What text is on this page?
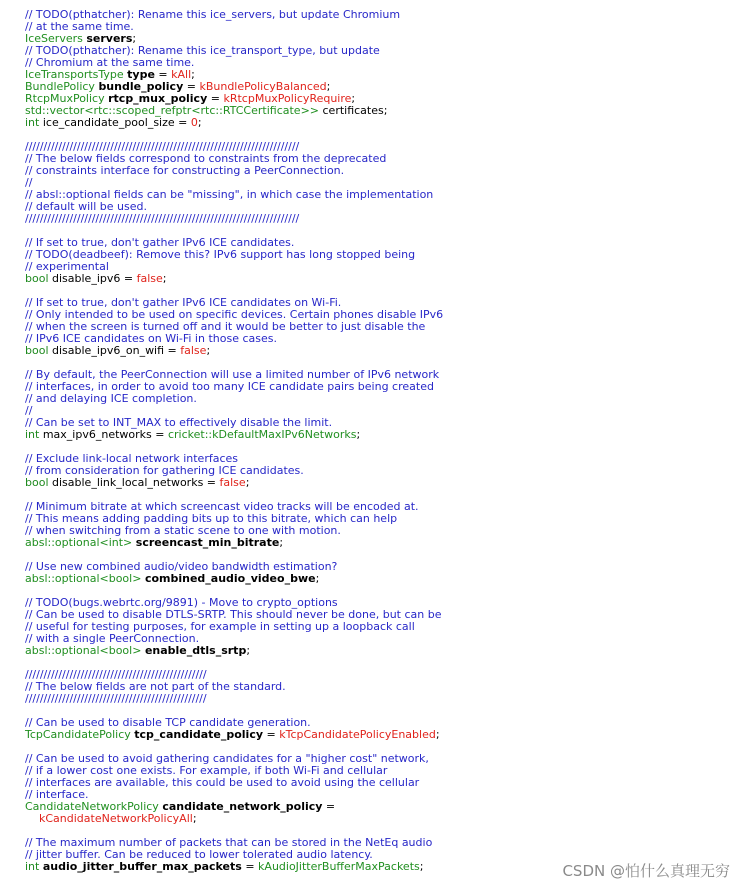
// TODO(pthatcher): Rename this ice_servers, but update Chromium
// at the same time.
IceServers servers;
// TODO(pthatcher): Rename this ice_transport_type, but update
// Chromium at the same time.
IceTransportsType type = kAll;
BundlePolicy bundle_policy = kBundlePolicyBalanced;
RtcpMuxPolicy rtcp_mux_policy = kRtcpMuxPolicyRequire;
std::vector<rtc::scoped_refptr<rtc::RTCCertificate>> certificates;
int ice_candidate_pool_size = 0;

//////////////////////////////////////////////////////////////////////////
// The below fields correspond to constraints from the deprecated
// constraints interface for constructing a PeerConnection.
//
// absl::optional fields can be "missing", in which case the implementation
// default will be used.
//////////////////////////////////////////////////////////////////////////

// If set to true, don't gather IPv6 ICE candidates.
// TODO(deadbeef): Remove this? IPv6 support has long stopped being
// experimental
bool disable_ipv6 = false;

// If set to true, don't gather IPv6 ICE candidates on Wi-Fi.
// Only intended to be used on specific devices. Certain phones disable IPv6
// when the screen is turned off and it would be better to just disable the
// IPv6 ICE candidates on Wi-Fi in those cases.
bool disable_ipv6_on_wifi = false;

// By default, the PeerConnection will use a limited number of IPv6 network
// interfaces, in order to avoid too many ICE candidate pairs being created
// and delaying ICE completion.
//
// Can be set to INT_MAX to effectively disable the limit.
int max_ipv6_networks = cricket::kDefaultMaxIPv6Networks;

// Exclude link-local network interfaces
// from consideration for gathering ICE candidates.
bool disable_link_local_networks = false;

// Minimum bitrate at which screencast video tracks will be encoded at.
// This means adding padding bits up to this bitrate, which can help
// when switching from a static scene to one with motion.
absl::optional<int> screencast_min_bitrate;

// Use new combined audio/video bandwidth estimation?
absl::optional<bool> combined_audio_video_bwe;

// TODO(bugs.webrtc.org/9891) - Move to crypto_options
// Can be used to disable DTLS-SRTP. This should never be done, but can be
// useful for testing purposes, for example in setting up a loopback call
// with a single PeerConnection.
absl::optional<bool> enable_dtls_srtp;

/////////////////////////////////////////////////
// The below fields are not part of the standard.
/////////////////////////////////////////////////

// Can be used to disable TCP candidate generation.
TcpCandidatePolicy tcp_candidate_policy = kTcpCandidatePolicyEnabled;

// Can be used to avoid gathering candidates for a "higher cost" network,
// if a lower cost one exists. For example, if both Wi-Fi and cellular
// interfaces are available, this could be used to avoid using the cellular
// interface.
CandidateNetworkPolicy candidate_network_policy =
kCandidateNetworkPolicyAll;

// The maximum number of packets that can be stored in the NetEq audio
// jitter buffer. Can be reduced to lower tolerated audio latency.
int audio_jitter_buffer_max_packets = kAudioJitterBufferMaxPackets;	CSDN @怕什么真理无穷
